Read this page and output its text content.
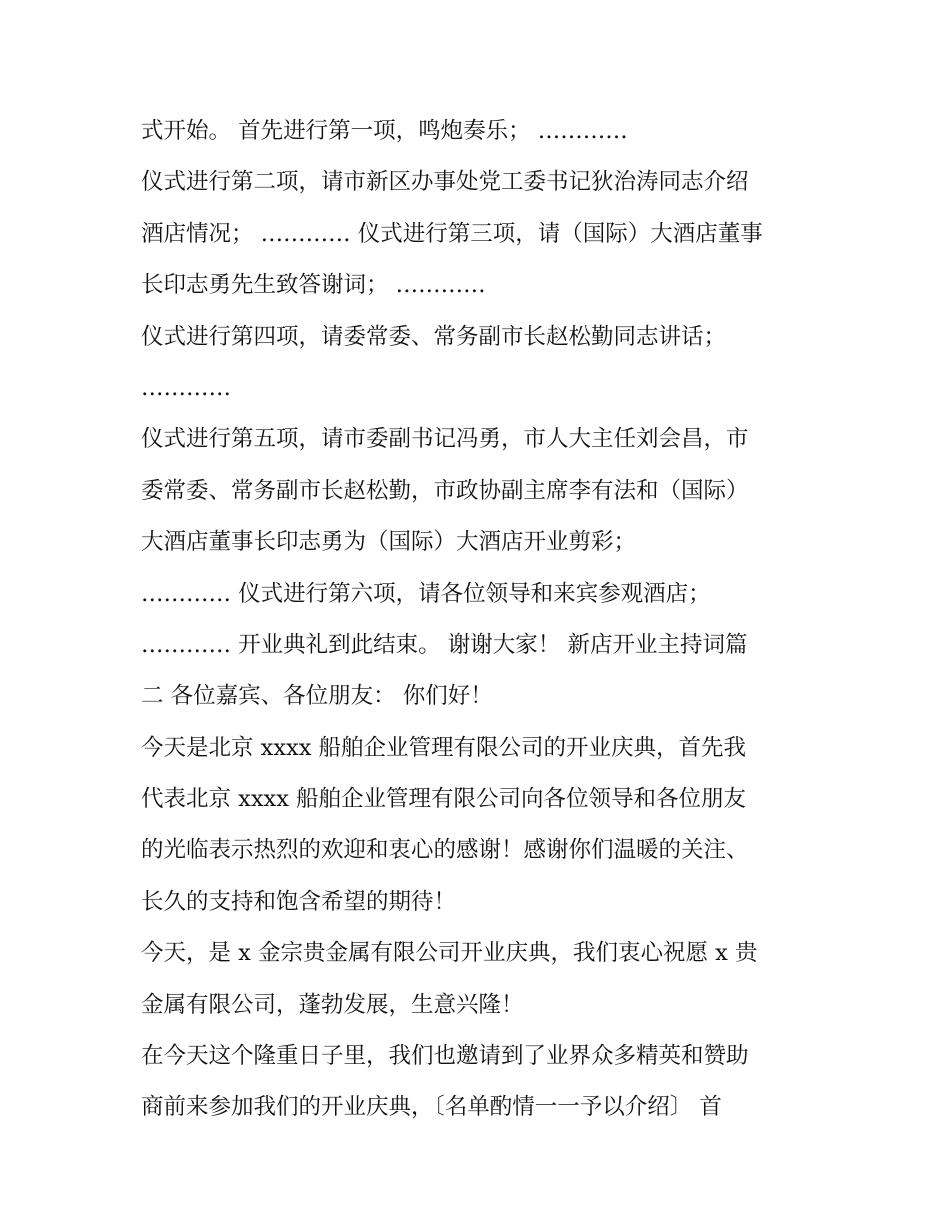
式开始。 首先进行第一项，鸣炮奏乐； …………
仪式进行第二项，请市新区办事处党工委书记狄治涛同志介绍
酒店情况； ………… 仪式进行第三项，请（国际）大酒店董事
长印志勇先生致答谢词； …………
仪式进行第四项，请委常委、常务副市长赵松勤同志讲话；
…………
仪式进行第五项，请市委副书记冯勇，市人大主任刘会昌，市
委常委、常务副市长赵松勤，市政协副主席李有法和（国际）
大酒店董事长印志勇为（国际）大酒店开业剪彩；
………… 仪式进行第六项，请各位领导和来宾参观酒店；
………… 开业典礼到此结束。 谢谢大家！ 新店开业主持词篇
二 各位嘉宾、各位朋友： 你们好！
今天是北京 xxxx 船舶企业管理有限公司的开业庆典，首先我
代表北京 xxxx 船舶企业管理有限公司向各位领导和各位朋友
的光临表示热烈的欢迎和衷心的感谢！感谢你们温暖的关注、
长久的支持和饱含希望的期待！
今天，是 x 金宗贵金属有限公司开业庆典，我们衷心祝愿 x 贵
金属有限公司，蓬勃发展，生意兴隆！
在今天这个隆重日子里，我们也邀请到了业界众多精英和赞助
商前来参加我们的开业庆典，〔名单酌情一一予以介绍〕 首
